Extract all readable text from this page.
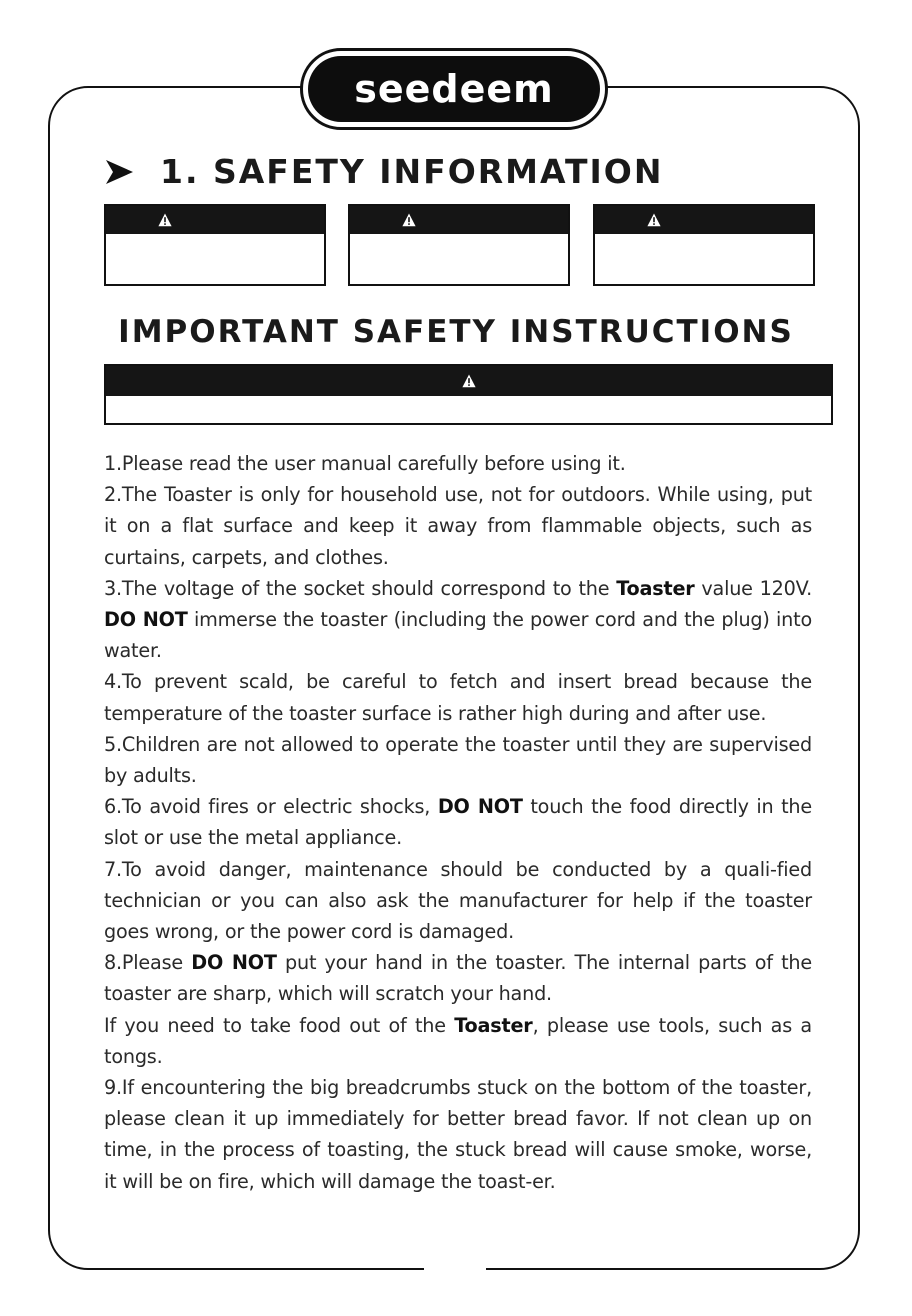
seedeem
1. SAFETY INFORMATION
IMPORTANT SAFETY INSTRUCTIONS

1.Please read the user manual carefully before using it.

2.The Toaster is only for household use, not for outdoors. While using, put it on a flat surface and keep it away from flammable objects, such as curtains, carpets, and clothes.

3.The voltage of the socket should correspond to the Toaster value 120V. DO NOT immerse the toaster (including the power cord and the plug) into water.

4.To prevent scald, be careful to fetch and insert bread because the temperature of the toaster surface is rather high during and after use.

5.Children are not allowed to operate the toaster until they are supervised by adults.

6.To avoid fires or electric shocks, DO NOT touch the food directly in the slot or use the metal appliance.

7.To avoid danger, maintenance should be conducted by a quali-fied technician or you can also ask the manufacturer for help if the toaster goes wrong, or the power cord is damaged.

8.Please DO NOT put your hand in the toaster. The internal parts of the toaster are sharp, which will scratch your hand.

If you need to take food out of the Toaster, please use tools, such as a tongs.

9.If encountering the big breadcrumbs stuck on the bottom of the toaster, please clean it up immediately for better bread favor. If not clean up on time, in the process of toasting, the stuck bread will cause smoke, worse, it will be on fire, which will damage the toast-er.
